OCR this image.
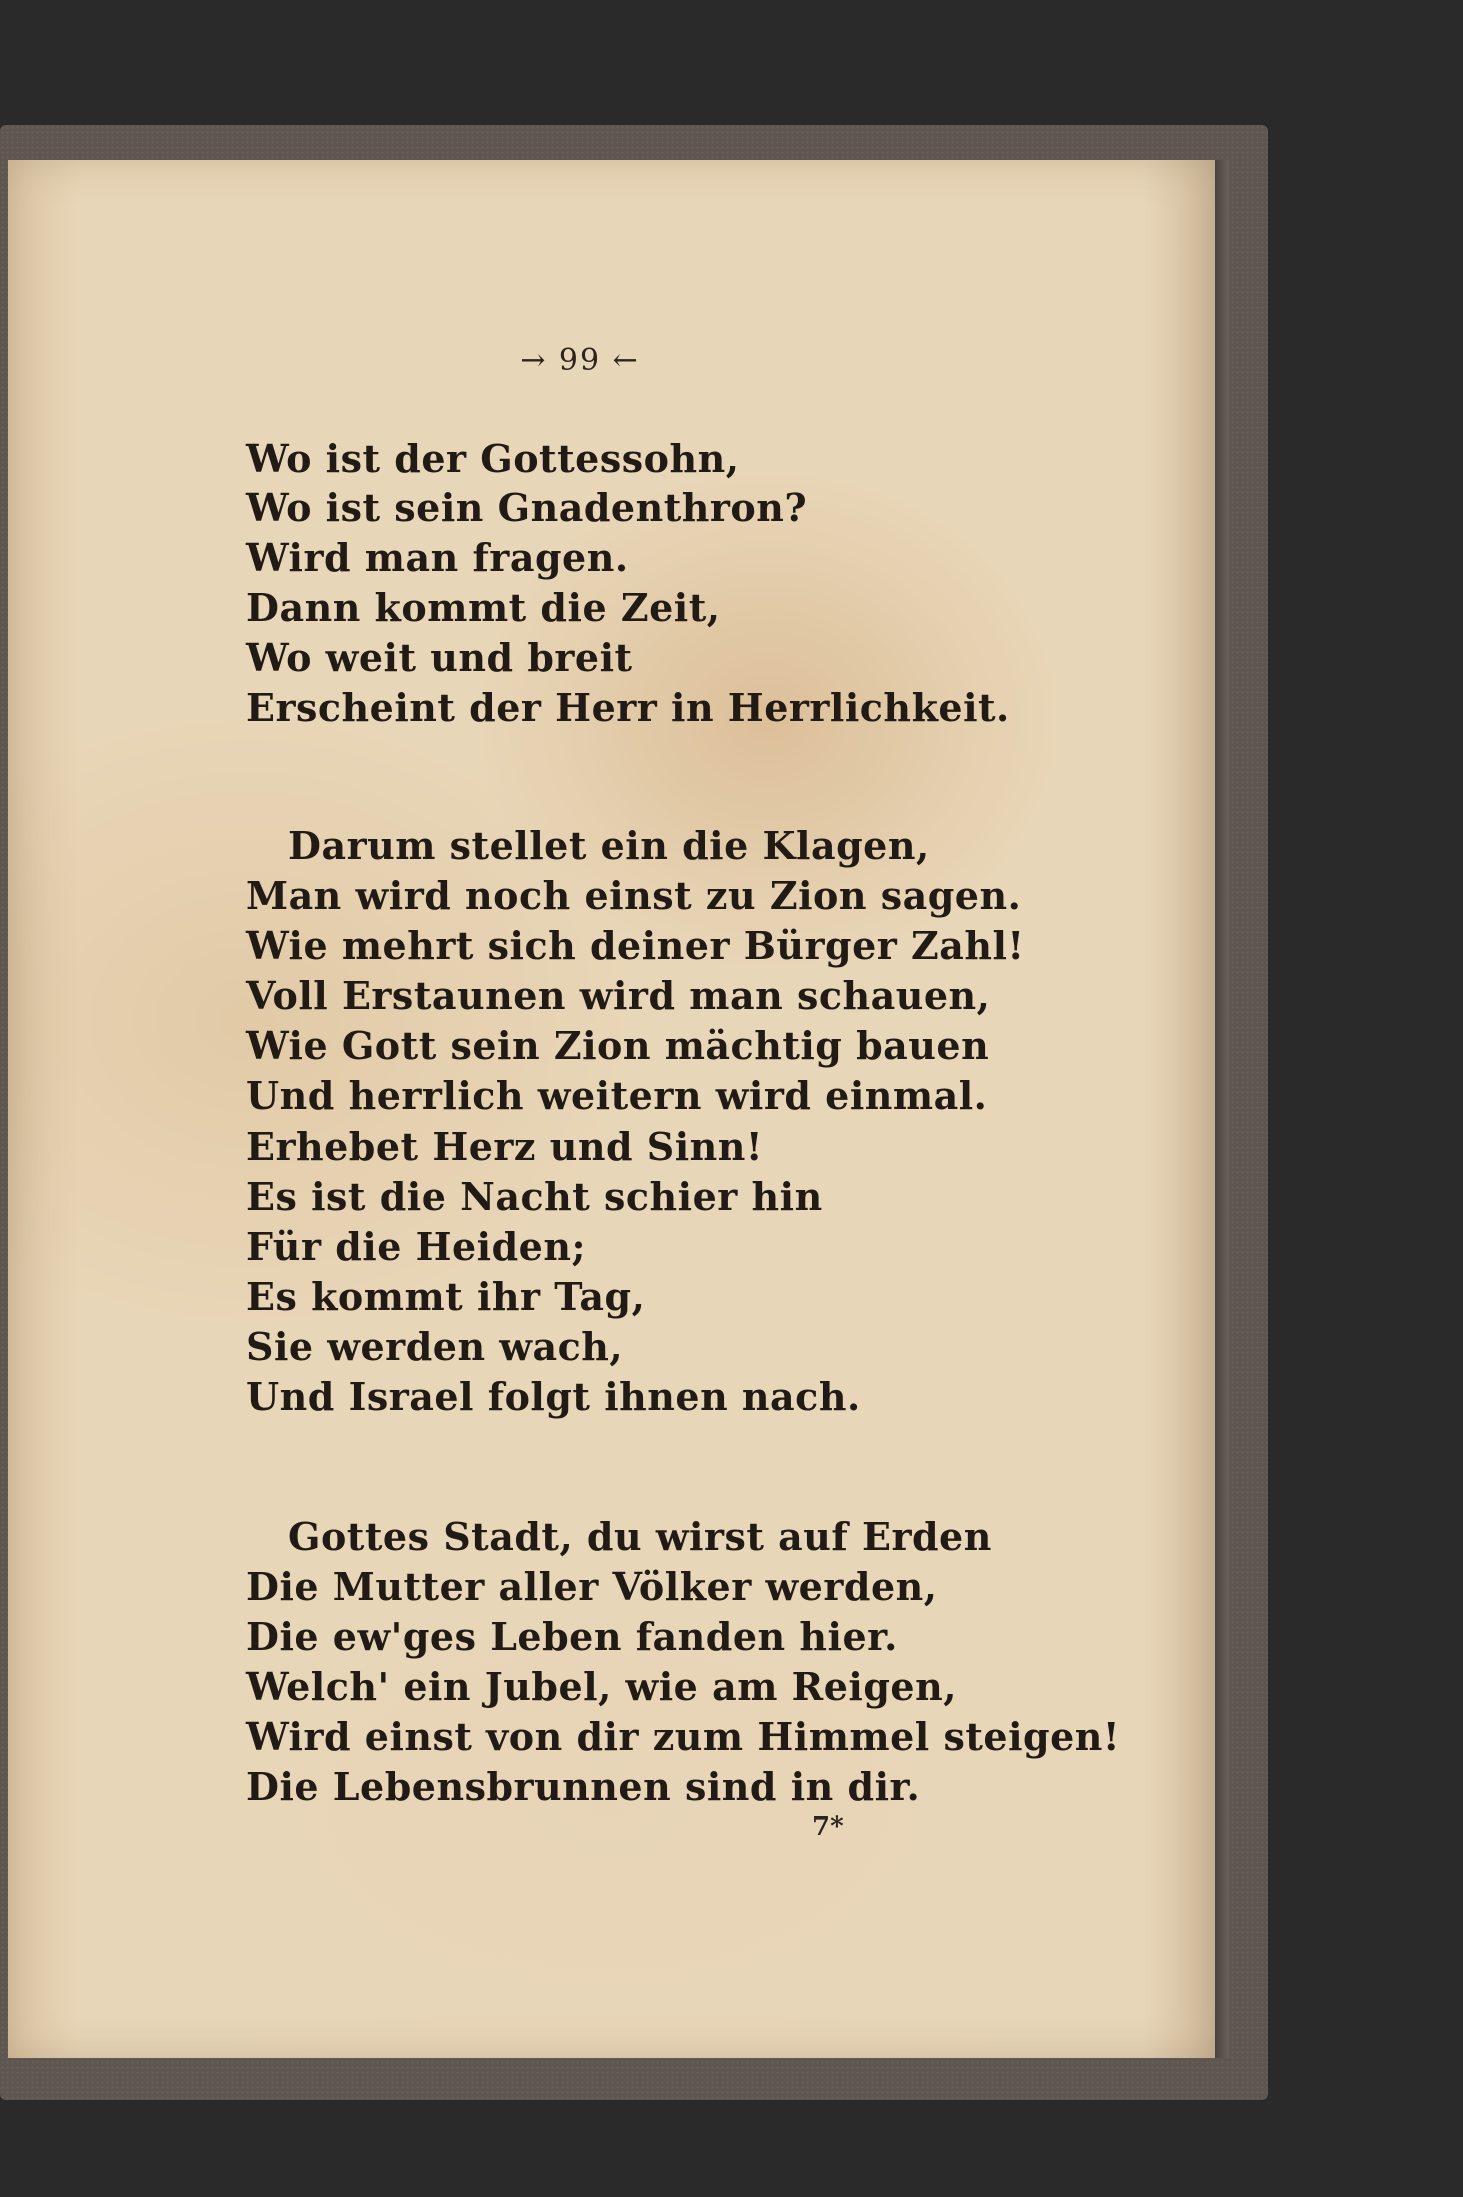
→ 99 ←
Wo ist der Gottessohn,
Wo ist sein Gnadenthron?
Wird man fragen.
Dann kommt die Zeit,
Wo weit und breit
Erscheint der Herr in Herrlichkeit.
Darum stellet ein die Klagen,
Man wird noch einst zu Zion sagen.
Wie mehrt sich deiner Bürger Zahl!
Voll Erstaunen wird man schauen,
Wie Gott sein Zion mächtig bauen
Und herrlich weitern wird einmal.
Erhebet Herz und Sinn!
Es ist die Nacht schier hin
Für die Heiden;
Es kommt ihr Tag,
Sie werden wach,
Und Israel folgt ihnen nach.
Gottes Stadt, du wirst auf Erden
Die Mutter aller Völker werden,
Die ew'ges Leben fanden hier.
Welch' ein Jubel, wie am Reigen,
Wird einst von dir zum Himmel steigen!
Die Lebensbrunnen sind in dir.
7*
